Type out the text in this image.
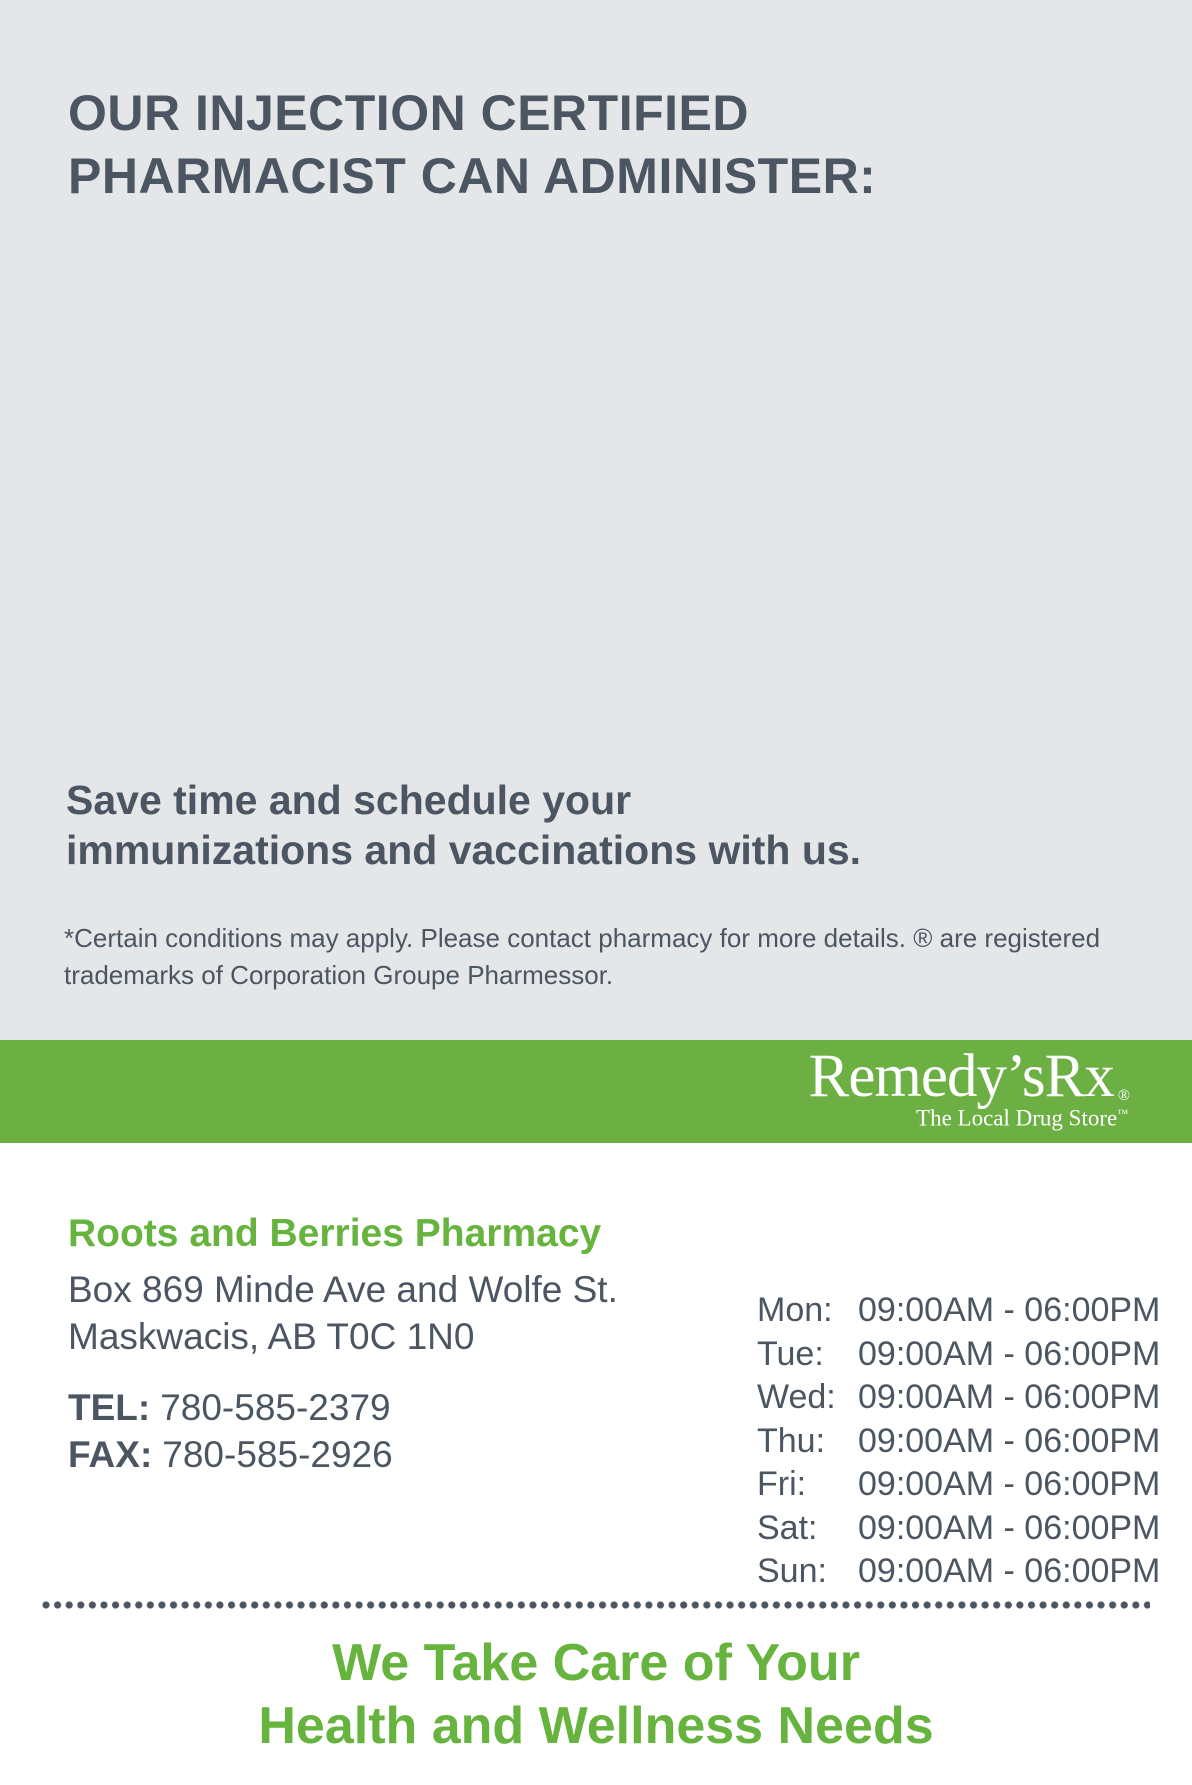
OUR INJECTION CERTIFIED
PHARMACIST CAN ADMINISTER:
Save time and schedule your
immunizations and vaccinations with us.
*Certain conditions may apply. Please contact pharmacy for more details. ® are registered trademarks of Corporation Groupe Pharmessor.
Remedy’sRx ®
The Local Drug Store™
Roots and Berries Pharmacy
Box 869 Minde Ave and Wolfe St.
Maskwacis, AB T0C 1N0
TEL: 780-585-2379
FAX: 780-585-2926
Mon: 09:00AM - 06:00PM
Tue:	09:00AM - 06:00PM
Wed: 09:00AM - 06:00PM
Thu: 09:00AM - 06:00PM
Fri:	09:00AM - 06:00PM
Sat:	09:00AM - 06:00PM
Sun: 09:00AM - 06:00PM
We Take Care of Your
Health and Wellness Needs
